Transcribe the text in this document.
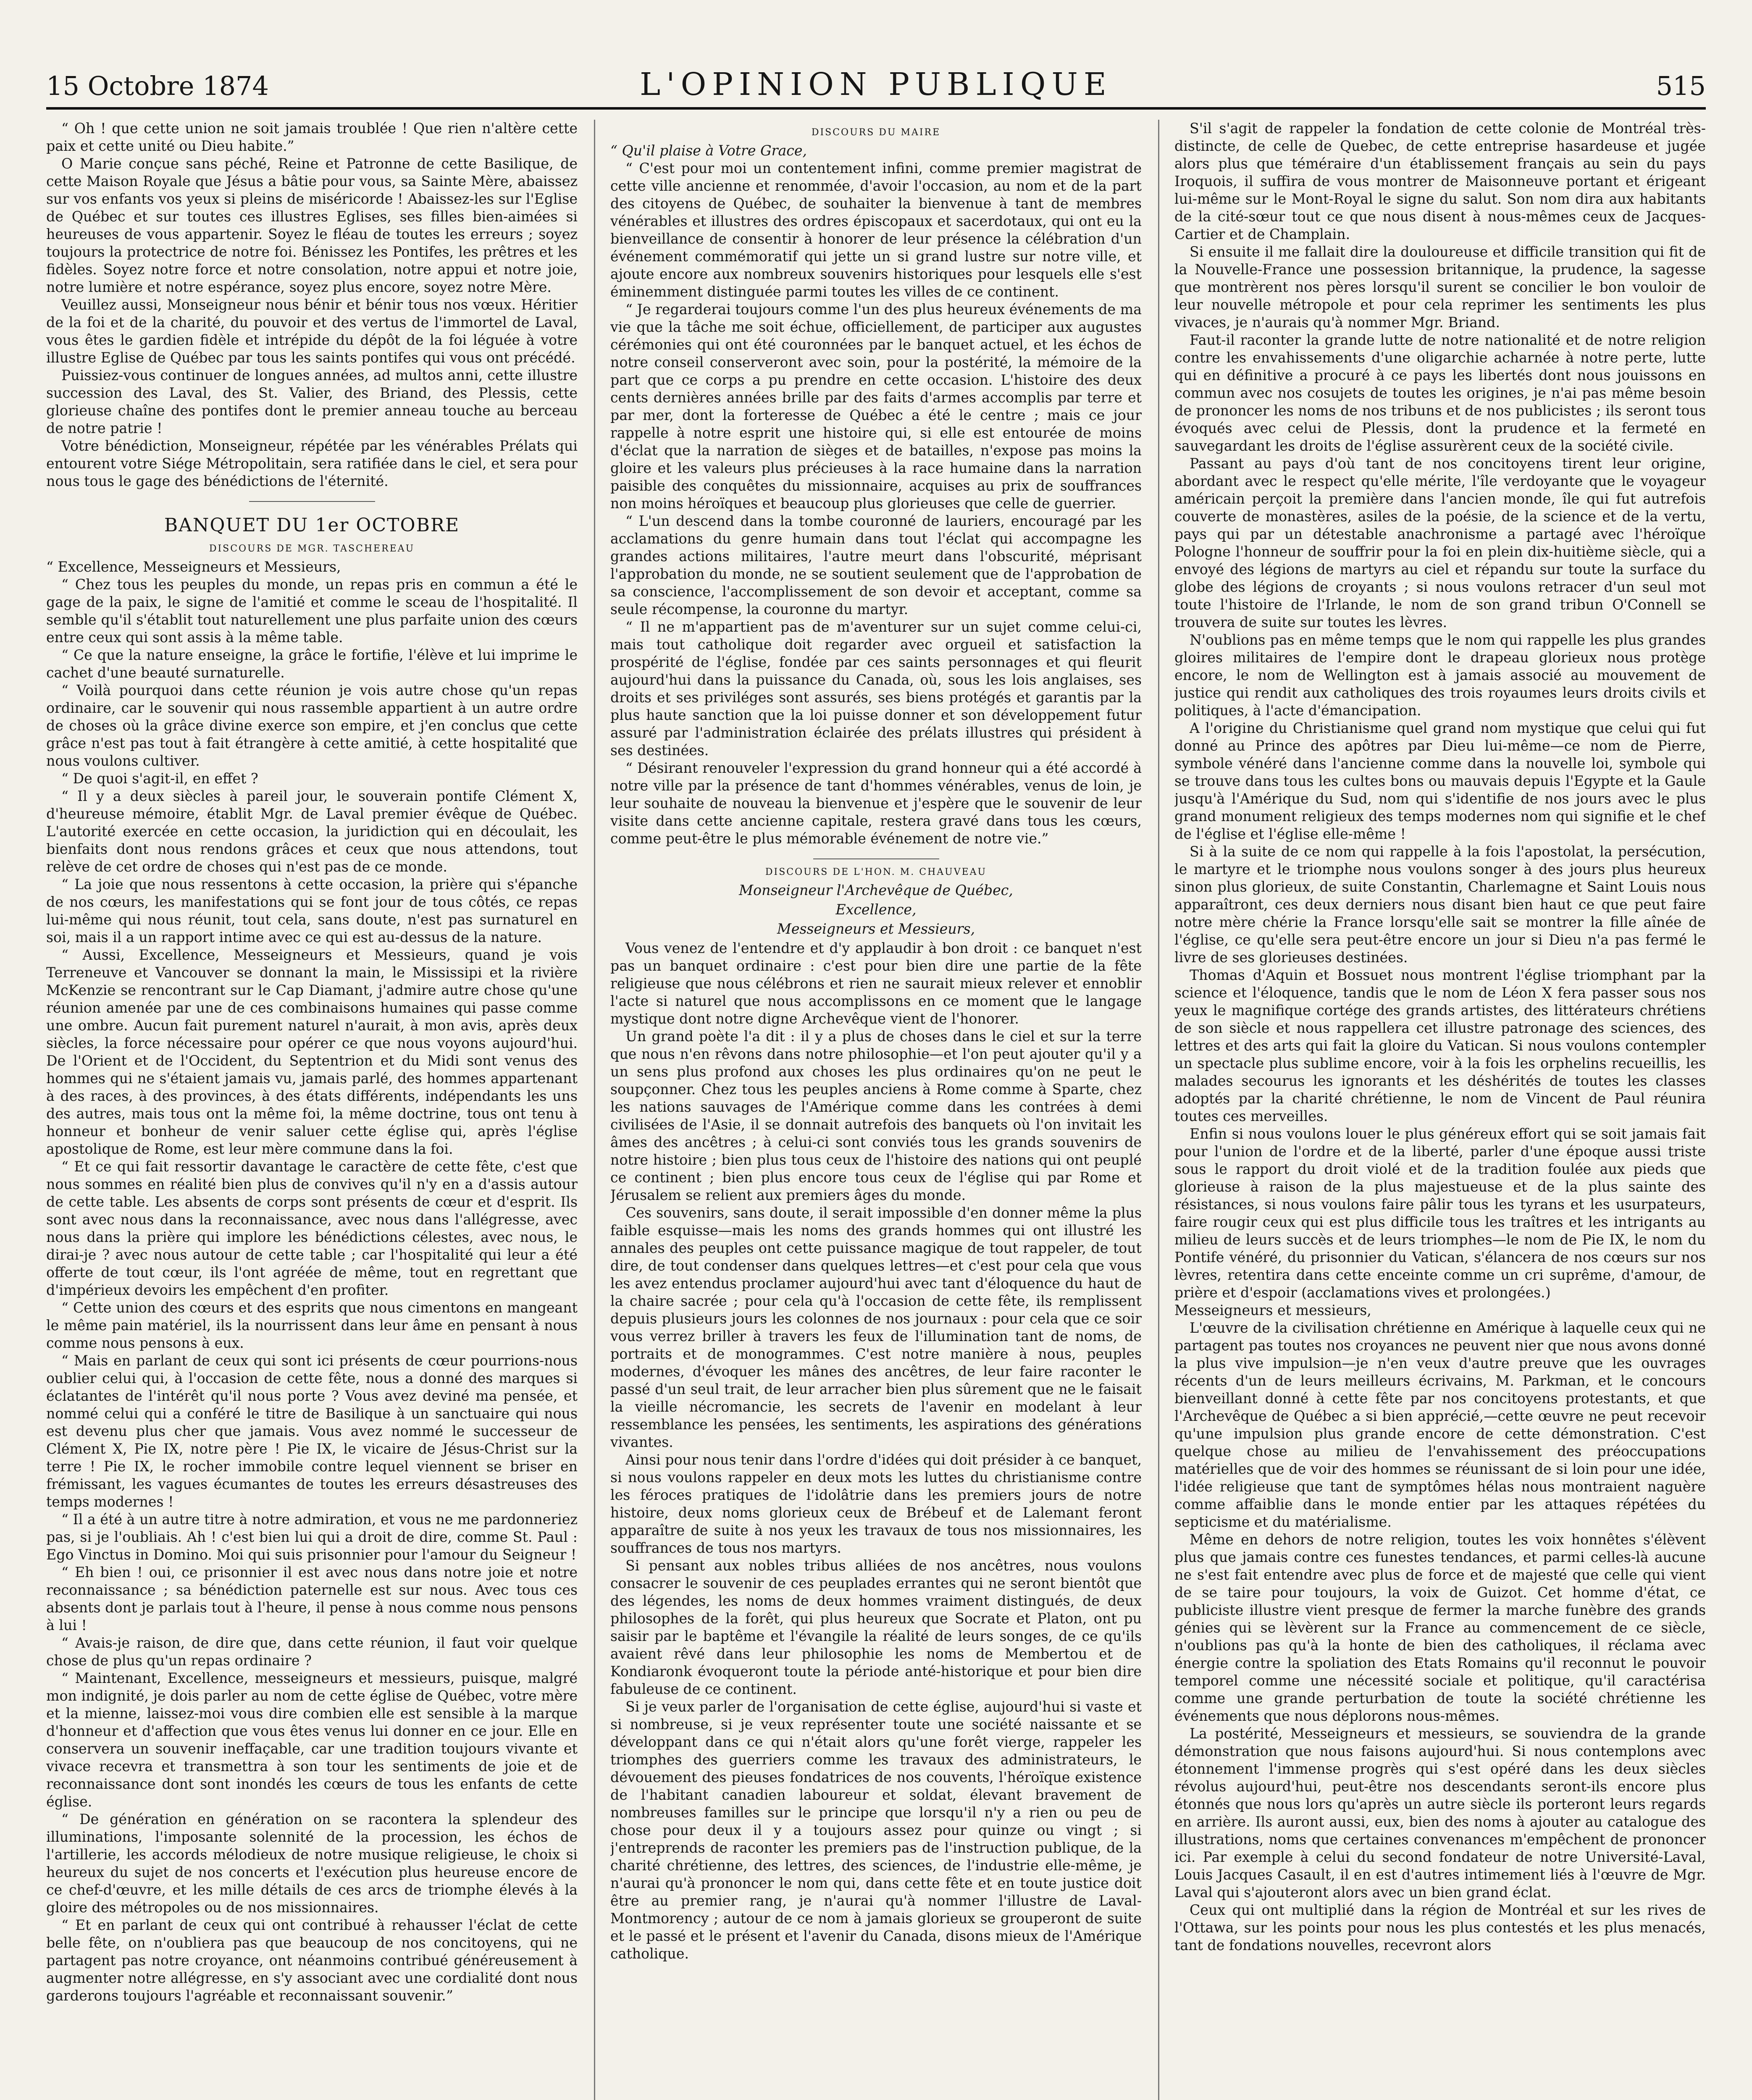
15 Octobre 1874	L'OPINION PUBLIQUE	515

“ Oh ! que cette union ne soit jamais troublée ! Que rien n'altère cette paix et cette unité ou Dieu habite.”

O Marie conçue sans péché, Reine et Patronne de cette Basilique, de cette Maison Royale que Jésus a bâtie pour vous, sa Sainte Mère, abaissez sur vos enfants vos yeux si pleins de miséricorde ! Abaissez-les sur l'Eglise de Québec et sur toutes ces illustres Eglises, ses filles bien-aimées si heureuses de vous appartenir. Soyez le fléau de toutes les erreurs ; soyez toujours la protectrice de notre foi. Bénissez les Pontifes, les prêtres et les fidèles. Soyez notre force et notre consolation, notre appui et notre joie, notre lumière et notre espérance, soyez plus encore, soyez notre Mère.

Veuillez aussi, Monseigneur nous bénir et bénir tous nos vœux. Héritier de la foi et de la charité, du pouvoir et des vertus de l'immortel de Laval, vous êtes le gardien fidèle et intrépide du dépôt de la foi léguée à votre illustre Eglise de Québec par tous les saints pontifes qui vous ont précédé.

Puissiez-vous continuer de longues années, ad multos anni, cette illustre succession des Laval, des St. Valier, des Briand, des Plessis, cette glorieuse chaîne des pontifes dont le premier anneau touche au berceau de notre patrie !

Votre bénédiction, Monseigneur, répétée par les vénérables Prélats qui entourent votre Siége Métropolitain, sera ratifiée dans le ciel, et sera pour nous tous le gage des bénédictions de l'éternité.

BANQUET DU 1er OCTOBRE
DISCOURS DE MGR. TASCHEREAU

“ Excellence, Messeigneurs et Messieurs,

“ Chez tous les peuples du monde, un repas pris en commun a été le gage de la paix, le signe de l'amitié et comme le sceau de l'hospitalité. Il semble qu'il s'établit tout naturellement une plus parfaite union des cœurs entre ceux qui sont assis à la même table.

“ Ce que la nature enseigne, la grâce le fortifie, l'élève et lui imprime le cachet d'une beauté surnaturelle.

“ Voilà pourquoi dans cette réunion je vois autre chose qu'un repas ordinaire, car le souvenir qui nous rassemble appartient à un autre ordre de choses où la grâce divine exerce son empire, et j'en conclus que cette grâce n'est pas tout à fait étrangère à cette amitié, à cette hospitalité que nous voulons cultiver.

“ De quoi s'agit-il, en effet ?

“ Il y a deux siècles à pareil jour, le souverain pontife Clément X, d'heureuse mémoire, établit Mgr. de Laval premier évêque de Québec. L'autorité exercée en cette occasion, la juridiction qui en découlait, les bienfaits dont nous rendons grâces et ceux que nous attendons, tout relève de cet ordre de choses qui n'est pas de ce monde.

“ La joie que nous ressentons à cette occasion, la prière qui s'épanche de nos cœurs, les manifestations qui se font jour de tous côtés, ce repas lui-même qui nous réunit, tout cela, sans doute, n'est pas surnaturel en soi, mais il a un rapport intime avec ce qui est au-dessus de la nature.

“ Aussi, Excellence, Messeigneurs et Messieurs, quand je vois Terreneuve et Vancouver se donnant la main, le Mississipi et la rivière McKenzie se rencontrant sur le Cap Diamant, j'admire autre chose qu'une réunion amenée par une de ces combinaisons humaines qui passe comme une ombre. Aucun fait purement naturel n'aurait, à mon avis, après deux siècles, la force nécessaire pour opérer ce que nous voyons aujourd'hui. De l'Orient et de l'Occident, du Septentrion et du Midi sont venus des hommes qui ne s'étaient jamais vu, jamais parlé, des hommes appartenant à des races, à des provinces, à des états différents, indépendants les uns des autres, mais tous ont la même foi, la même doctrine, tous ont tenu à honneur et bonheur de venir saluer cette église qui, après l'église apostolique de Rome, est leur mère commune dans la foi.

“ Et ce qui fait ressortir davantage le caractère de cette fête, c'est que nous sommes en réalité bien plus de convives qu'il n'y en a d'assis autour de cette table. Les absents de corps sont présents de cœur et d'esprit. Ils sont avec nous dans la reconnaissance, avec nous dans l'allégresse, avec nous dans la prière qui implore les bénédictions célestes, avec nous, le dirai-je ? avec nous autour de cette table ; car l'hospitalité qui leur a été offerte de tout cœur, ils l'ont agréée de même, tout en regrettant que d'impérieux devoirs les empêchent d'en profiter.

“ Cette union des cœurs et des esprits que nous cimentons en mangeant le même pain matériel, ils la nourrissent dans leur âme en pensant à nous comme nous pensons à eux.

“ Mais en parlant de ceux qui sont ici présents de cœur pourrions-nous oublier celui qui, à l'occasion de cette fête, nous a donné des marques si éclatantes de l'intérêt qu'il nous porte ? Vous avez deviné ma pensée, et nommé celui qui a conféré le titre de Basilique à un sanctuaire qui nous est devenu plus cher que jamais. Vous avez nommé le successeur de Clément X, Pie IX, notre père ! Pie IX, le vicaire de Jésus-Christ sur la terre ! Pie IX, le rocher immobile contre lequel viennent se briser en frémissant, les vagues écumantes de toutes les erreurs désastreuses des temps modernes !

“ Il a été à un autre titre à notre admiration, et vous ne me pardonneriez pas, si je l'oubliais. Ah ! c'est bien lui qui a droit de dire, comme St. Paul : Ego Vinctus in Domino. Moi qui suis prisonnier pour l'amour du Seigneur !

“ Eh bien ! oui, ce prisonnier il est avec nous dans notre joie et notre reconnaissance ; sa bénédiction paternelle est sur nous. Avec tous ces absents dont je parlais tout à l'heure, il pense à nous comme nous pensons à lui !

“ Avais-je raison, de dire que, dans cette réunion, il faut voir quelque chose de plus qu'un repas ordinaire ?

“ Maintenant, Excellence, messeigneurs et messieurs, puisque, malgré mon indignité, je dois parler au nom de cette église de Québec, votre mère et la mienne, laissez-moi vous dire combien elle est sensible à la marque d'honneur et d'affection que vous êtes venus lui donner en ce jour. Elle en conservera un souvenir ineffaçable, car une tradition toujours vivante et vivace recevra et transmettra à son tour les sentiments de joie et de reconnaissance dont sont inondés les cœurs de tous les enfants de cette église.

“ De génération en génération on se racontera la splendeur des illuminations, l'imposante solennité de la procession, les échos de l'artillerie, les accords mélodieux de notre musique religieuse, le choix si heureux du sujet de nos concerts et l'exécution plus heureuse encore de ce chef-d'œuvre, et les mille détails de ces arcs de triomphe élevés à la gloire des métropoles ou de nos missionnaires.

“ Et en parlant de ceux qui ont contribué à rehausser l'éclat de cette belle fête, on n'oubliera pas que beaucoup de nos concitoyens, qui ne partagent pas notre croyance, ont néanmoins contribué généreusement à augmenter notre allégresse, en s'y associant avec une cordialité dont nous garderons toujours l'agréable et reconnaissant souvenir.”

DISCOURS DU MAIRE

“ Qu'il plaise à Votre Grace,

“ C'est pour moi un contentement infini, comme premier magistrat de cette ville ancienne et renommée, d'avoir l'occasion, au nom et de la part des citoyens de Québec, de souhaiter la bienvenue à tant de membres vénérables et illustres des ordres épiscopaux et sacerdotaux, qui ont eu la bienveillance de consentir à honorer de leur présence la célébration d'un événement commémoratif qui jette un si grand lustre sur notre ville, et ajoute encore aux nombreux souvenirs historiques pour lesquels elle s'est éminemment distinguée parmi toutes les villes de ce continent.

“ Je regarderai toujours comme l'un des plus heureux événements de ma vie que la tâche me soit échue, officiellement, de participer aux augustes cérémonies qui ont été couronnées par le banquet actuel, et les échos de notre conseil conserveront avec soin, pour la postérité, la mémoire de la part que ce corps a pu prendre en cette occasion. L'histoire des deux cents dernières années brille par des faits d'armes accomplis par terre et par mer, dont la forteresse de Québec a été le centre ; mais ce jour rappelle à notre esprit une histoire qui, si elle est entourée de moins d'éclat que la narration de sièges et de batailles, n'expose pas moins la gloire et les valeurs plus précieuses à la race humaine dans la narration paisible des conquêtes du missionnaire, acquises au prix de souffrances non moins héroïques et beaucoup plus glorieuses que celle de guerrier.

“ L'un descend dans la tombe couronné de lauriers, encouragé par les acclamations du genre humain dans tout l'éclat qui accompagne les grandes actions militaires, l'autre meurt dans l'obscurité, méprisant l'approbation du monde, ne se soutient seulement que de l'approbation de sa conscience, l'accomplissement de son devoir et acceptant, comme sa seule récompense, la couronne du martyr.

“ Il ne m'appartient pas de m'aventurer sur un sujet comme celui-ci, mais tout catholique doit regarder avec orgueil et satisfaction la prospérité de l'église, fondée par ces saints personnages et qui fleurit aujourd'hui dans la puissance du Canada, où, sous les lois anglaises, ses droits et ses priviléges sont assurés, ses biens protégés et garantis par la plus haute sanction que la loi puisse donner et son développement futur assuré par l'administration éclairée des prélats illustres qui président à ses destinées.

“ Désirant renouveler l'expression du grand honneur qui a été accordé à notre ville par la présence de tant d'hommes vénérables, venus de loin, je leur souhaite de nouveau la bienvenue et j'espère que le souvenir de leur visite dans cette ancienne capitale, restera gravé dans tous les cœurs, comme peut-être le plus mémorable événement de notre vie.”

DISCOURS DE L'HON. M. CHAUVEAU

Monseigneur l'Archevêque de Québec,

Excellence,

Messeigneurs et Messieurs,

Vous venez de l'entendre et d'y applaudir à bon droit : ce banquet n'est pas un banquet ordinaire : c'est pour bien dire une partie de la fête religieuse que nous célébrons et rien ne saurait mieux relever et ennoblir l'acte si naturel que nous accomplissons en ce moment que le langage mystique dont notre digne Archevêque vient de l'honorer.

Un grand poète l'a dit : il y a plus de choses dans le ciel et sur la terre que nous n'en rêvons dans notre philosophie—et l'on peut ajouter qu'il y a un sens plus profond aux choses les plus ordinaires qu'on ne peut le soupçonner. Chez tous les peuples anciens à Rome comme à Sparte, chez les nations sauvages de l'Amérique comme dans les contrées à demi civilisées de l'Asie, il se donnait autrefois des banquets où l'on invitait les âmes des ancêtres ; à celui-ci sont conviés tous les grands souvenirs de notre histoire ; bien plus tous ceux de l'histoire des nations qui ont peuplé ce continent ; bien plus encore tous ceux de l'église qui par Rome et Jérusalem se relient aux premiers âges du monde.

Ces souvenirs, sans doute, il serait impossible d'en donner même la plus faible esquisse—mais les noms des grands hommes qui ont illustré les annales des peuples ont cette puissance magique de tout rappeler, de tout dire, de tout condenser dans quelques lettres—et c'est pour cela que vous les avez entendus proclamer aujourd'hui avec tant d'éloquence du haut de la chaire sacrée ; pour cela qu'à l'occasion de cette fête, ils remplissent depuis plusieurs jours les colonnes de nos journaux : pour cela que ce soir vous verrez briller à travers les feux de l'illumination tant de noms, de portraits et de monogrammes. C'est notre manière à nous, peuples modernes, d'évoquer les mânes des ancêtres, de leur faire raconter le passé d'un seul trait, de leur arracher bien plus sûrement que ne le faisait la vieille nécromancie, les secrets de l'avenir en modelant à leur ressemblance les pensées, les sentiments, les aspirations des générations vivantes.

Ainsi pour nous tenir dans l'ordre d'idées qui doit présider à ce banquet, si nous voulons rappeler en deux mots les luttes du christianisme contre les féroces pratiques de l'idolâtrie dans les premiers jours de notre histoire, deux noms glorieux ceux de Brébeuf et de Lalemant feront apparaître de suite à nos yeux les travaux de tous nos missionnaires, les souffrances de tous nos martyrs.

Si pensant aux nobles tribus alliées de nos ancêtres, nous voulons consacrer le souvenir de ces peuplades errantes qui ne seront bientôt que des légendes, les noms de deux hommes vraiment distingués, de deux philosophes de la forêt, qui plus heureux que Socrate et Platon, ont pu saisir par le baptême et l'évangile la réalité de leurs songes, de ce qu'ils avaient rêvé dans leur philosophie les noms de Membertou et de Kondiaronk évoqueront toute la période anté-historique et pour bien dire fabuleuse de ce continent.

Si je veux parler de l'organisation de cette église, aujourd'hui si vaste et si nombreuse, si je veux représenter toute une société naissante et se développant dans ce qui n'était alors qu'une forêt vierge, rappeler les triomphes des guerriers comme les travaux des administrateurs, le dévouement des pieuses fondatrices de nos couvents, l'héroïque existence de l'habitant canadien laboureur et soldat, élevant bravement de nombreuses familles sur le principe que lorsqu'il n'y a rien ou peu de chose pour deux il y a toujours assez pour quinze ou vingt ; si j'entreprends de raconter les premiers pas de l'instruction publique, de la charité chrétienne, des lettres, des sciences, de l'industrie elle-même, je n'aurai qu'à prononcer le nom qui, dans cette fête et en toute justice doit être au premier rang, je n'aurai qu'à nommer l'illustre de Laval-Montmorency ; autour de ce nom à jamais glorieux se grouperont de suite et le passé et le présent et l'avenir du Canada, disons mieux de l'Amérique catholique.

S'il s'agit de rappeler la fondation de cette colonie de Montréal très-distincte, de celle de Quebec, de cette entreprise hasardeuse et jugée alors plus que téméraire d'un établissement français au sein du pays Iroquois, il suffira de vous montrer de Maisonneuve portant et érigeant lui-même sur le Mont-Royal le signe du salut. Son nom dira aux habitants de la cité-sœur tout ce que nous disent à nous-mêmes ceux de Jacques-Cartier et de Champlain.

Si ensuite il me fallait dire la douloureuse et difficile transition qui fit de la Nouvelle-France une possession britannique, la prudence, la sagesse que montrèrent nos pères lorsqu'il surent se concilier le bon vouloir de leur nouvelle métropole et pour cela reprimer les sentiments les plus vivaces, je n'aurais qu'à nommer Mgr. Briand.

Faut-il raconter la grande lutte de notre nationalité et de notre religion contre les envahissements d'une oligarchie acharnée à notre perte, lutte qui en définitive a procuré à ce pays les libertés dont nous jouissons en commun avec nos cosujets de toutes les origines, je n'ai pas même besoin de prononcer les noms de nos tribuns et de nos publicistes ; ils seront tous évoqués avec celui de Plessis, dont la prudence et la fermeté en sauvegardant les droits de l'église assurèrent ceux de la société civile.

Passant au pays d'où tant de nos concitoyens tirent leur origine, abordant avec le respect qu'elle mérite, l'île verdoyante que le voyageur américain perçoit la première dans l'ancien monde, île qui fut autrefois couverte de monastères, asiles de la poésie, de la science et de la vertu, pays qui par un détestable anachronisme a partagé avec l'héroïque Pologne l'honneur de souffrir pour la foi en plein dix-huitième siècle, qui a envoyé des légions de martyrs au ciel et répandu sur toute la surface du globe des légions de croyants ; si nous voulons retracer d'un seul mot toute l'histoire de l'Irlande, le nom de son grand tribun O'Connell se trouvera de suite sur toutes les lèvres.

N'oublions pas en même temps que le nom qui rappelle les plus grandes gloires militaires de l'empire dont le drapeau glorieux nous protège encore, le nom de Wellington est à jamais associé au mouvement de justice qui rendit aux catholiques des trois royaumes leurs droits civils et politiques, à l'acte d'émancipation.

A l'origine du Christianisme quel grand nom mystique que celui qui fut donné au Prince des apôtres par Dieu lui-même—ce nom de Pierre, symbole vénéré dans l'ancienne comme dans la nouvelle loi, symbole qui se trouve dans tous les cultes bons ou mauvais depuis l'Egypte et la Gaule jusqu'à l'Amérique du Sud, nom qui s'identifie de nos jours avec le plus grand monument religieux des temps modernes nom qui signifie et le chef de l'église et l'église elle-même !

Si à la suite de ce nom qui rappelle à la fois l'apostolat, la persécution, le martyre et le triomphe nous voulons songer à des jours plus heureux sinon plus glorieux, de suite Constantin, Charlemagne et Saint Louis nous apparaîtront, ces deux derniers nous disant bien haut ce que peut faire notre mère chérie la France lorsqu'elle sait se montrer la fille aînée de l'église, ce qu'elle sera peut-être encore un jour si Dieu n'a pas fermé le livre de ses glorieuses destinées.

Thomas d'Aquin et Bossuet nous montrent l'église triomphant par la science et l'éloquence, tandis que le nom de Léon X fera passer sous nos yeux le magnifique cortége des grands artistes, des littérateurs chrétiens de son siècle et nous rappellera cet illustre patronage des sciences, des lettres et des arts qui fait la gloire du Vatican. Si nous voulons contempler un spectacle plus sublime encore, voir à la fois les orphelins recueillis, les malades secourus les ignorants et les déshérités de toutes les classes adoptés par la charité chrétienne, le nom de Vincent de Paul réunira toutes ces merveilles.

Enfin si nous voulons louer le plus généreux effort qui se soit jamais fait pour l'union de l'ordre et de la liberté, parler d'une époque aussi triste sous le rapport du droit violé et de la tradition foulée aux pieds que glorieuse à raison de la plus majestueuse et de la plus sainte des résistances, si nous voulons faire pâlir tous les tyrans et les usurpateurs, faire rougir ceux qui est plus difficile tous les traîtres et les intrigants au milieu de leurs succès et de leurs triomphes—le nom de Pie IX, le nom du Pontife vénéré, du prisonnier du Vatican, s'élancera de nos cœurs sur nos lèvres, retentira dans cette enceinte comme un cri suprême, d'amour, de prière et d'espoir (acclamations vives et prolongées.)

Messeigneurs et messieurs,

L'œuvre de la civilisation chrétienne en Amérique à laquelle ceux qui ne partagent pas toutes nos croyances ne peuvent nier que nous avons donné la plus vive impulsion—je n'en veux d'autre preuve que les ouvrages récents d'un de leurs meilleurs écrivains, M. Parkman, et le concours bienveillant donné à cette fête par nos concitoyens protestants, et que l'Archevêque de Québec a si bien apprécié,—cette œuvre ne peut recevoir qu'une impulsion plus grande encore de cette démonstration. C'est quelque chose au milieu de l'envahissement des préoccupations matérielles que de voir des hommes se réunissant de si loin pour une idée, l'idée religieuse que tant de symptômes hélas nous montraient naguère comme affaiblie dans le monde entier par les attaques répétées du septicisme et du matérialisme.

Même en dehors de notre religion, toutes les voix honnêtes s'élèvent plus que jamais contre ces funestes tendances, et parmi celles-là aucune ne s'est fait entendre avec plus de force et de majesté que celle qui vient de se taire pour toujours, la voix de Guizot. Cet homme d'état, ce publiciste illustre vient presque de fermer la marche funèbre des grands génies qui se lèvèrent sur la France au commencement de ce siècle, n'oublions pas qu'à la honte de bien des catholiques, il réclama avec énergie contre la spoliation des Etats Romains qu'il reconnut le pouvoir temporel comme une nécessité sociale et politique, qu'il caractérisa comme une grande perturbation de toute la société chrétienne les événements que nous déplorons nous-mêmes.

La postérité, Messeigneurs et messieurs, se souviendra de la grande démonstration que nous faisons aujourd'hui. Si nous contemplons avec étonnement l'immense progrès qui s'est opéré dans les deux siècles révolus aujourd'hui, peut-être nos descendants seront-ils encore plus étonnés que nous lors qu'après un autre siècle ils porteront leurs regards en arrière. Ils auront aussi, eux, bien des noms à ajouter au catalogue des illustrations, noms que certaines convenances m'empêchent de prononcer ici. Par exemple à celui du second fondateur de notre Université-Laval, Louis Jacques Casault, il en est d'autres intimement liés à l'œuvre de Mgr. Laval qui s'ajouteront alors avec un bien grand éclat.

Ceux qui ont multiplié dans la région de Montréal et sur les rives de l'Ottawa, sur les points pour nous les plus contestés et les plus menacés, tant de fondations nouvelles, recevront alors
